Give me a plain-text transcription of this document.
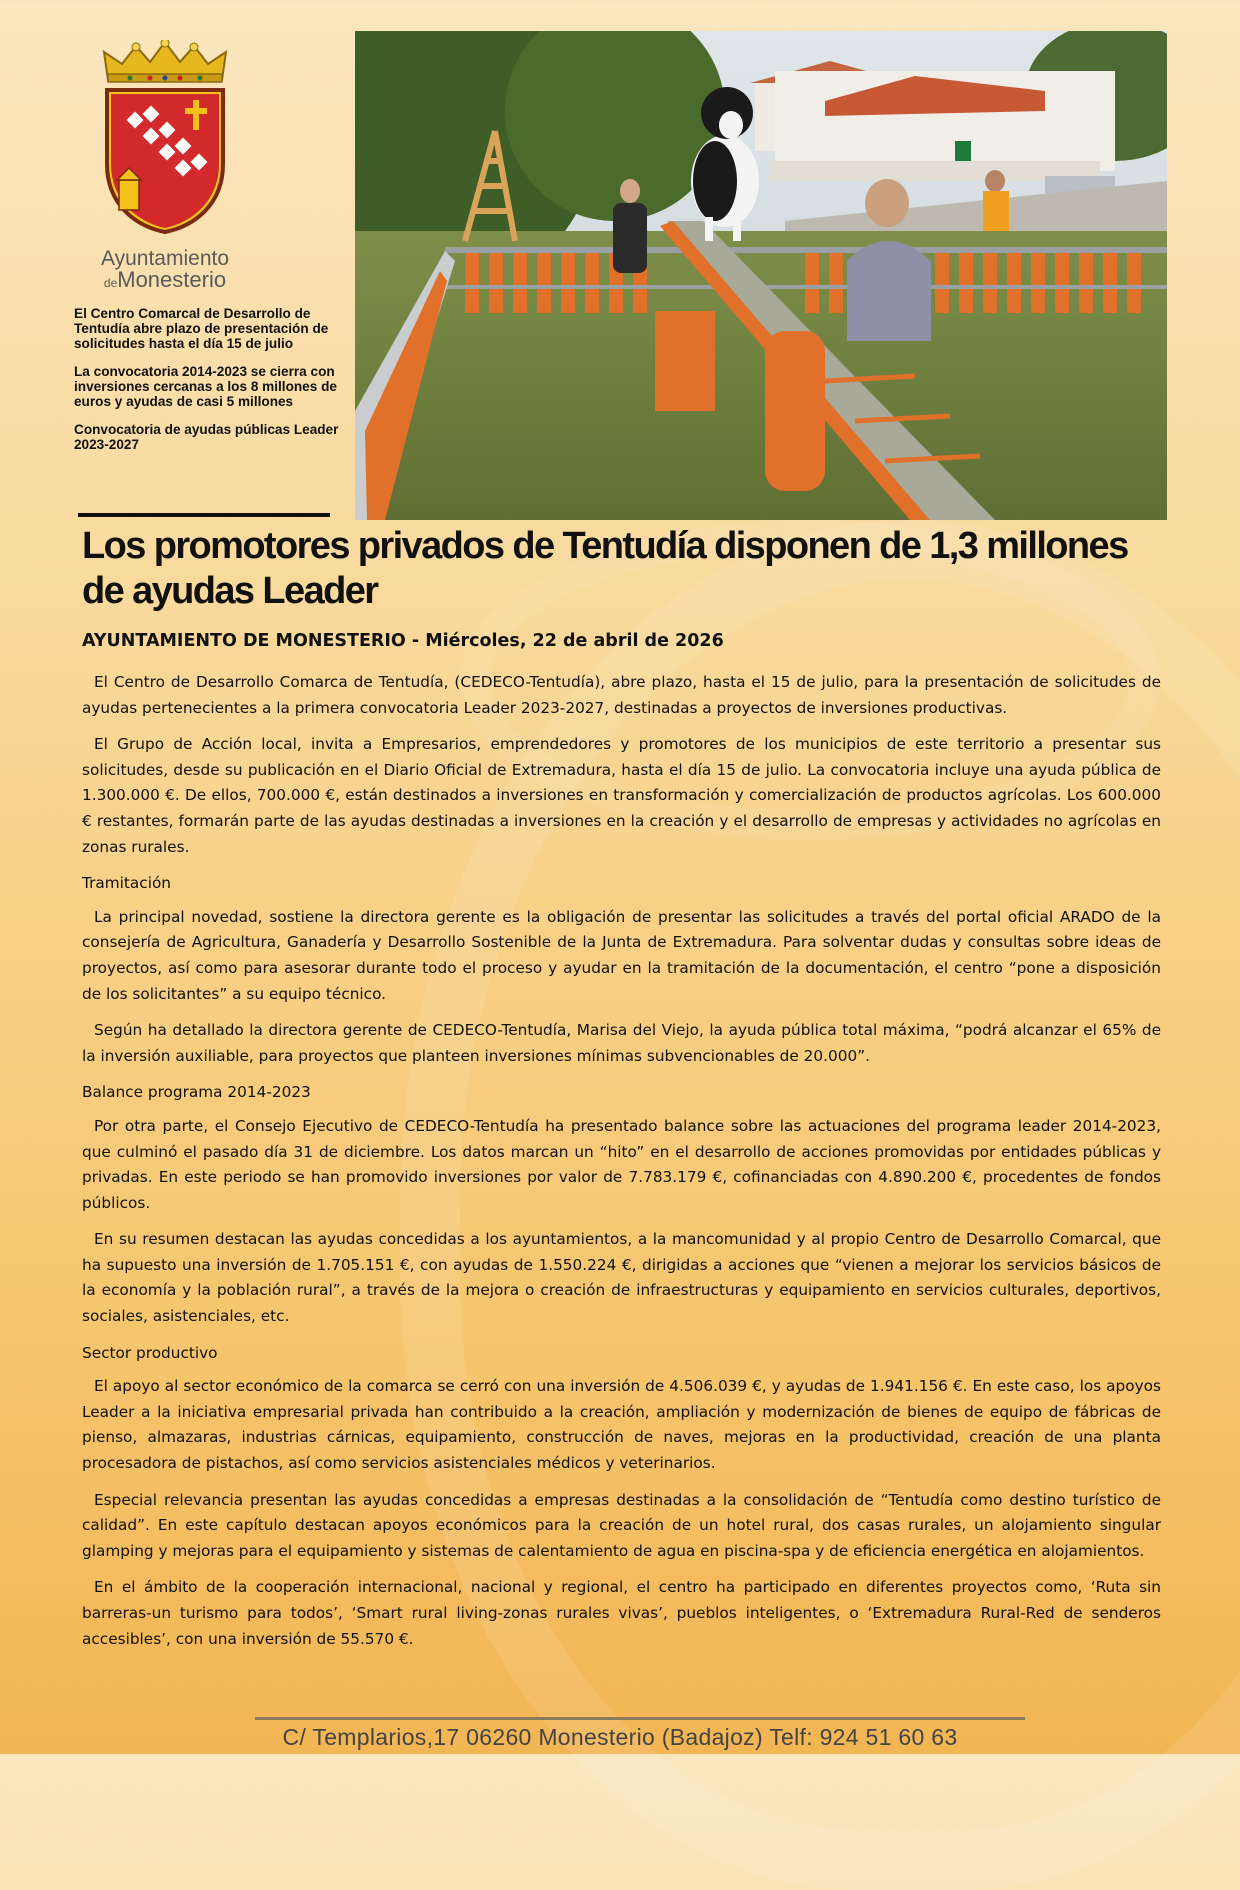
Ayuntamiento
deMonesterio

El Centro Comarcal de Desarrollo de Tentudía abre plazo de presentación de solicitudes hasta el día 15 de julio

La convocatoria 2014-2023 se cierra con inversiones cercanas a los 8 millones de euros y ayudas de casi 5 millones

Convocatoria de ayudas públicas Leader 2023-2027

Los promotores privados de Tentudía disponen de 1,3 millones de ayudas Leader

AYUNTAMIENTO DE MONESTERIO - Miércoles, 22 de abril de 2026

El Centro de Desarrollo Comarca de Tentudía, (CEDECO-Tentudía), abre plazo, hasta el 15 de julio, para la presentación de solicitudes de ayudas pertenecientes a la primera convocatoria Leader 2023-2027, destinadas a proyectos de inversiones productivas.

El Grupo de Acción local, invita a Empresarios, emprendedores y promotores de los municipios de este territorio a presentar sus solicitudes, desde su publicación en el Diario Oficial de Extremadura, hasta el día 15 de julio. La convocatoria incluye una ayuda pública de 1.300.000 €. De ellos, 700.000 €, están destinados a inversiones en transformación y comercialización de productos agrícolas. Los 600.000 € restantes, formarán parte de las ayudas destinadas a inversiones en la creación y el desarrollo de empresas y actividades no agrícolas en zonas rurales.

Tramitación

La principal novedad, sostiene la directora gerente es la obligación de presentar las solicitudes a través del portal oficial ARADO de la consejería de Agricultura, Ganadería y Desarrollo Sostenible de la Junta de Extremadura. Para solventar dudas y consultas sobre ideas de proyectos, así como para asesorar durante todo el proceso y ayudar en la tramitación de la documentación, el centro “pone a disposición de los solicitantes” a su equipo técnico.

Según ha detallado la directora gerente de CEDECO-Tentudía, Marisa del Viejo, la ayuda pública total máxima, “podrá alcanzar el 65% de la inversión auxiliable, para proyectos que planteen inversiones mínimas subvencionables de 20.000”.

Balance programa 2014-2023

Por otra parte, el Consejo Ejecutivo de CEDECO-Tentudía ha presentado balance sobre las actuaciones del programa leader 2014-2023, que culminó el pasado día 31 de diciembre. Los datos marcan un “hito” en el desarrollo de acciones promovidas por entidades públicas y privadas. En este periodo se han promovido inversiones por valor de 7.783.179 €, cofinanciadas con 4.890.200 €, procedentes de fondos públicos.

En su resumen destacan las ayudas concedidas a los ayuntamientos, a la mancomunidad y al propio Centro de Desarrollo Comarcal, que ha supuesto una inversión de 1.705.151 €, con ayudas de 1.550.224 €, dirigidas a acciones que “vienen a mejorar los servicios básicos de la economía y la población rural”, a través de la mejora o creación de infraestructuras y equipamiento en servicios culturales, deportivos, sociales, asistenciales, etc.

Sector productivo

El apoyo al sector económico de la comarca se cerró con una inversión de 4.506.039 €, y ayudas de 1.941.156 €. En este caso, los apoyos Leader a la iniciativa empresarial privada han contribuido a la creación, ampliación y modernización de bienes de equipo de fábricas de pienso, almazaras, industrias cárnicas, equipamiento, construcción de naves, mejoras en la productividad, creación de una planta procesadora de pistachos, así como servicios asistenciales médicos y veterinarios.

Especial relevancia presentan las ayudas concedidas a empresas destinadas a la consolidación de “Tentudía como destino turístico de calidad”. En este capítulo destacan apoyos económicos para la creación de un hotel rural, dos casas rurales, un alojamiento singular glamping y mejoras para el equipamiento y sistemas de calentamiento de agua en piscina-spa y de eficiencia energética en alojamientos.

En el ámbito de la cooperación internacional, nacional y regional, el centro ha participado en diferentes proyectos como, ‘Ruta sin barreras-un turismo para todos’, ‘Smart rural living-zonas rurales vivas’, pueblos inteligentes, o ‘Extremadura Rural-Red de senderos accesibles’, con una inversión de 55.570 €.

C/ Templarios,17 06260 Monesterio (Badajoz) Telf: 924 51 60 63
